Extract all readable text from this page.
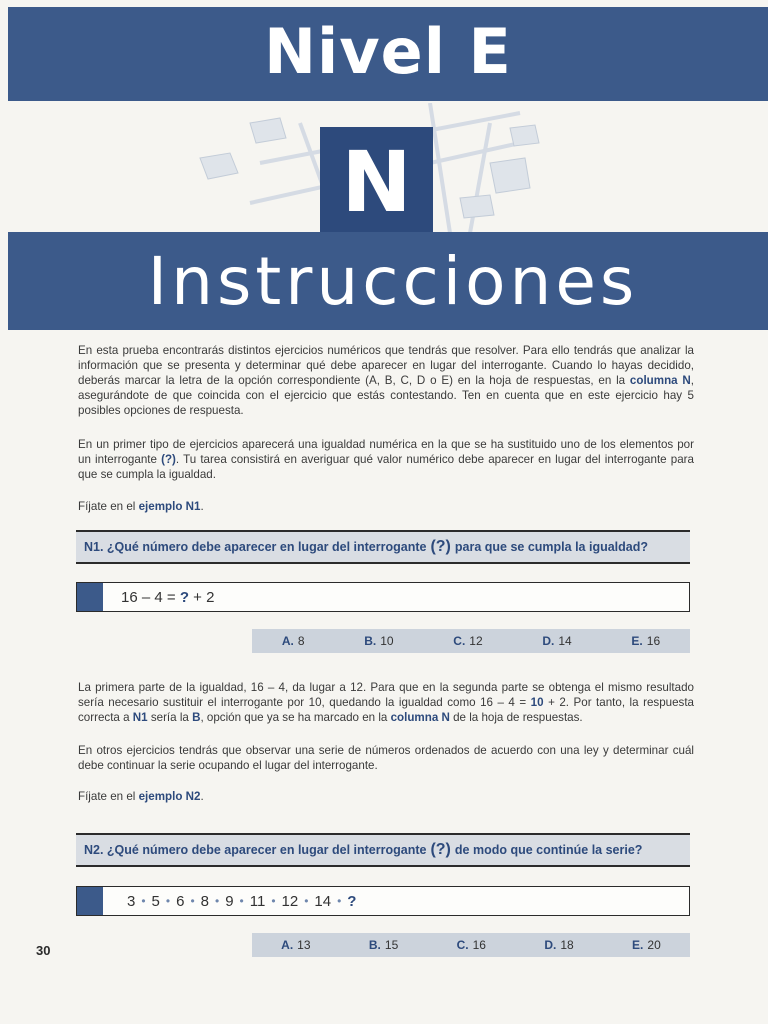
Nivel E
N
Instrucciones

En esta prueba encontrarás distintos ejercicios numéricos que tendrás que resolver. Para ello tendrás que analizar la información que se presenta y determinar qué debe aparecer en lugar del interrogante. Cuando lo hayas decidido, deberás marcar la letra de la opción correspondiente (A, B, C, D o E) en la hoja de respuestas, en la columna N, asegurándote de que coincida con el ejercicio que estás contestando. Ten en cuenta que en este ejercicio hay 5 posibles opciones de respuesta.

En un primer tipo de ejercicios aparecerá una igualdad numérica en la que se ha sustituido uno de los elementos por un interrogante (?). Tu tarea consistirá en averiguar qué valor numérico debe aparecer en lugar del interrogante para que se cumpla la igualdad.

Fíjate en el ejemplo N1.

N1. ¿Qué número debe aparecer en lugar del interrogante (?) para que se cumpla la igualdad?
16 – 4 = ? + 2
A. 8	B. 10	C. 12	D. 14	E. 16

La primera parte de la igualdad, 16 – 4, da lugar a 12. Para que en la segunda parte se obtenga el mismo resultado sería necesario sustituir el interrogante por 10, quedando la igualdad como 16 – 4 = 10 + 2. Por tanto, la respuesta correcta a N1 sería la B, opción que ya se ha marcado en la columna N de la hoja de respuestas.

En otros ejercicios tendrás que observar una serie de números ordenados de acuerdo con una ley y determinar cuál debe continuar la serie ocupando el lugar del interrogante.

Fíjate en el ejemplo N2.

N2. ¿Qué número debe aparecer en lugar del interrogante (?) de modo que continúe la serie?
3 • 5 • 6 • 8 • 9 • 11 • 12 • 14 • ?
A. 13	B. 15	C. 16	D. 18	E. 20
30
